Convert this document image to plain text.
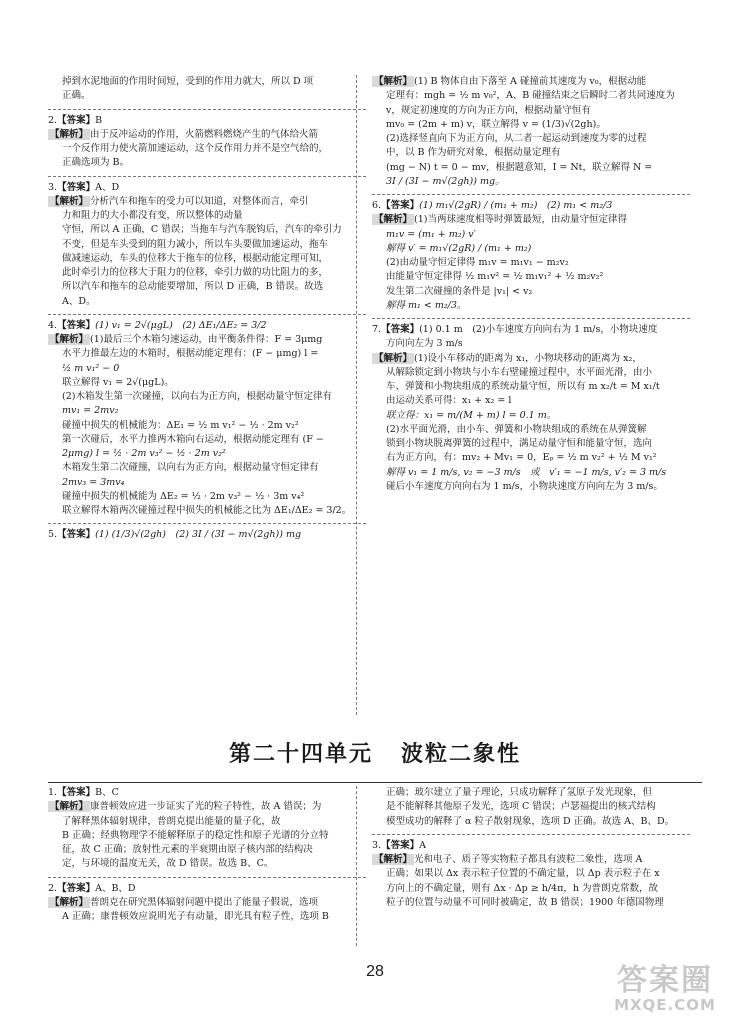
掉到水泥地面的作用时间短，受到的作用力就大，所以 D 项

正确。

2.【答案】B

【解析】 由于反冲运动的作用，火箭燃料燃烧产生的气体给火箭

一个反作用力使火箭加速运动，这个反作用力并不是空气给的，

正确选项为 B。

3.【答案】A、D

【解析】 分析汽车和拖车的受力可以知道，对整体而言，牵引

力和阻力的大小都没有变，所以整体的动量

守恒，所以 A 正确，C 错误；当拖车与汽车脱钩后，汽车的牵引力

不变，但是车头受到的阻力减小，所以车头要做加速运动，拖车

做减速运动，车头的位移大于拖车的位移，根据动能定理可知，

此时牵引力的位移大于阻力的位移，牵引力做的功比阻力的多，

所以汽车和拖车的总动能要增加，所以 D 正确，B 错误。故选

A、D。

4.【答案】(1) v₁ = 2√(μgL)　(2) ΔE₁/ΔE₂ = 3/2

【解析】 (1)最后三个木箱匀速运动，由平衡条件得：F = 3μmg

水平力推最左边的木箱时，根据动能定理有：(F − μmg) l =

½ m v₁² − 0

联立解得 v₁ = 2√(μgL)。

(2)木箱发生第一次碰撞，以向右为正方向，根据动量守恒定律有

mv₁ = 2mv₂

碰撞中损失的机械能为：ΔE₁ = ½ m v₁² − ½ · 2m v₂²

第一次碰后，水平力推两木箱向右运动，根据动能定理有 (F −

2μmg) l = ½ · 2m v₃² − ½ · 2m v₂²

木箱发生第二次碰撞，以向右为正方向，根据动量守恒定律有

2mv₃ = 3mv₄

碰撞中损失的机械能为 ΔE₂ = ½ · 2m v₃² − ½ · 3m v₄²

联立解得木箱两次碰撞过程中损失的机械能之比为 ΔE₁/ΔE₂ = 3/2。

5.【答案】(1) (1/3)√(2gh)　(2) 3I / (3I − m√(2gh)) mg

【解析】 (1) B 物体自由下落至 A 碰撞前其速度为 v₀，根据动能

定理有：mgh = ½ m v₀²，A、B 碰撞结束之后瞬时二者共同速度为

v，规定初速度的方向为正方向，根据动量守恒有

mv₀ = (2m + m) v，联立解得 v = (1/3)√(2gh)。

(2)选择竖直向下为正方向，从二者一起运动到速度为零的过程

中，以 B 作为研究对象，根据动量定理有

(mg − N) t = 0 − mv，根据题意知，I = Nt，联立解得 N =

3I / (3I − m√(2gh)) mg。

6.【答案】(1) m₁√(2gR) / (m₁ + m₂)　(2) m₁ < m₂/3

【解析】 (1)当两球速度相等时弹簧最短，由动量守恒定律得

m₁v = (m₁ + m₂) v′

解得 v′ = m₁√(2gR) / (m₁ + m₂)

(2)由动量守恒定律得 m₁v = m₁v₁ − m₂v₂

由能量守恒定律得 ½ m₁v² = ½ m₁v₁² + ½ m₂v₂²

发生第二次碰撞的条件是 |v₁| < v₂

解得 m₁ < m₂/3。

7.【答案】(1) 0.1 m　(2)小车速度方向向右为 1 m/s，小物块速度

方向向左为 3 m/s

【解析】 (1)设小车移动的距离为 x₁，小物块移动的距离为 x₂，

从解除锁定到小物块与小车右壁碰撞过程中，水平面光滑，由小

车、弹簧和小物块组成的系统动量守恒，所以有 m x₂/t = M x₁/t

由运动关系可得：x₁ + x₂ = l

联立得：x₁ = m/(M + m) l = 0.1 m。

(2)水平面光滑，由小车、弹簧和小物块组成的系统在从弹簧解

锁到小物块脱离弹簧的过程中，满足动量守恒和能量守恒，选向

右为正方向，有：mv₂ + Mv₁ = 0，Eₚ = ½ m v₂² + ½ M v₁²

解得 v₁ = 1 m/s, v₂ = −3 m/s　或　v′₁ = −1 m/s, v′₂ = 3 m/s

碰后小车速度方向向右为 1 m/s，小物块速度方向向左为 3 m/s。

第二十四单元 波粒二象性

1.【答案】B、C

【解析】 康普顿效应进一步证实了光的粒子特性，故 A 错误；为

了解释黑体辐射规律，普朗克提出能量的量子化，故

B 正确；经典物理学不能解释原子的稳定性和原子光谱的分立特

征，故 C 正确；放射性元素的半衰期由原子核内部的结构决

定，与环境的温度无关，故 D 错误。故选 B、C。

2.【答案】A、B、D

【解析】 普朗克在研究黑体辐射问题中提出了能量子假说，选项

A 正确；康普顿效应说明光子有动量，即光具有粒子性，选项 B

正确；玻尔建立了量子理论，只成功解释了氢原子发光现象，但

是不能解释其他原子发光，选项 C 错误；卢瑟福提出的核式结构

模型成功的解释了 α 粒子散射现象，选项 D 正确。故选 A、B、D。

3.【答案】A

【解析】 光和电子、质子等实物粒子都具有波粒二象性，选项 A

正确；如果以 Δx 表示粒子位置的不确定量，以 Δp 表示粒子在 x

方向上的不确定量，则有 Δx · Δp ≥ h/4π，h 为普朗克常数，故

粒子的位置与动量不可同时被确定，故 B 错误；1900 年德国物理

28	答案圈
MXQE.COM
